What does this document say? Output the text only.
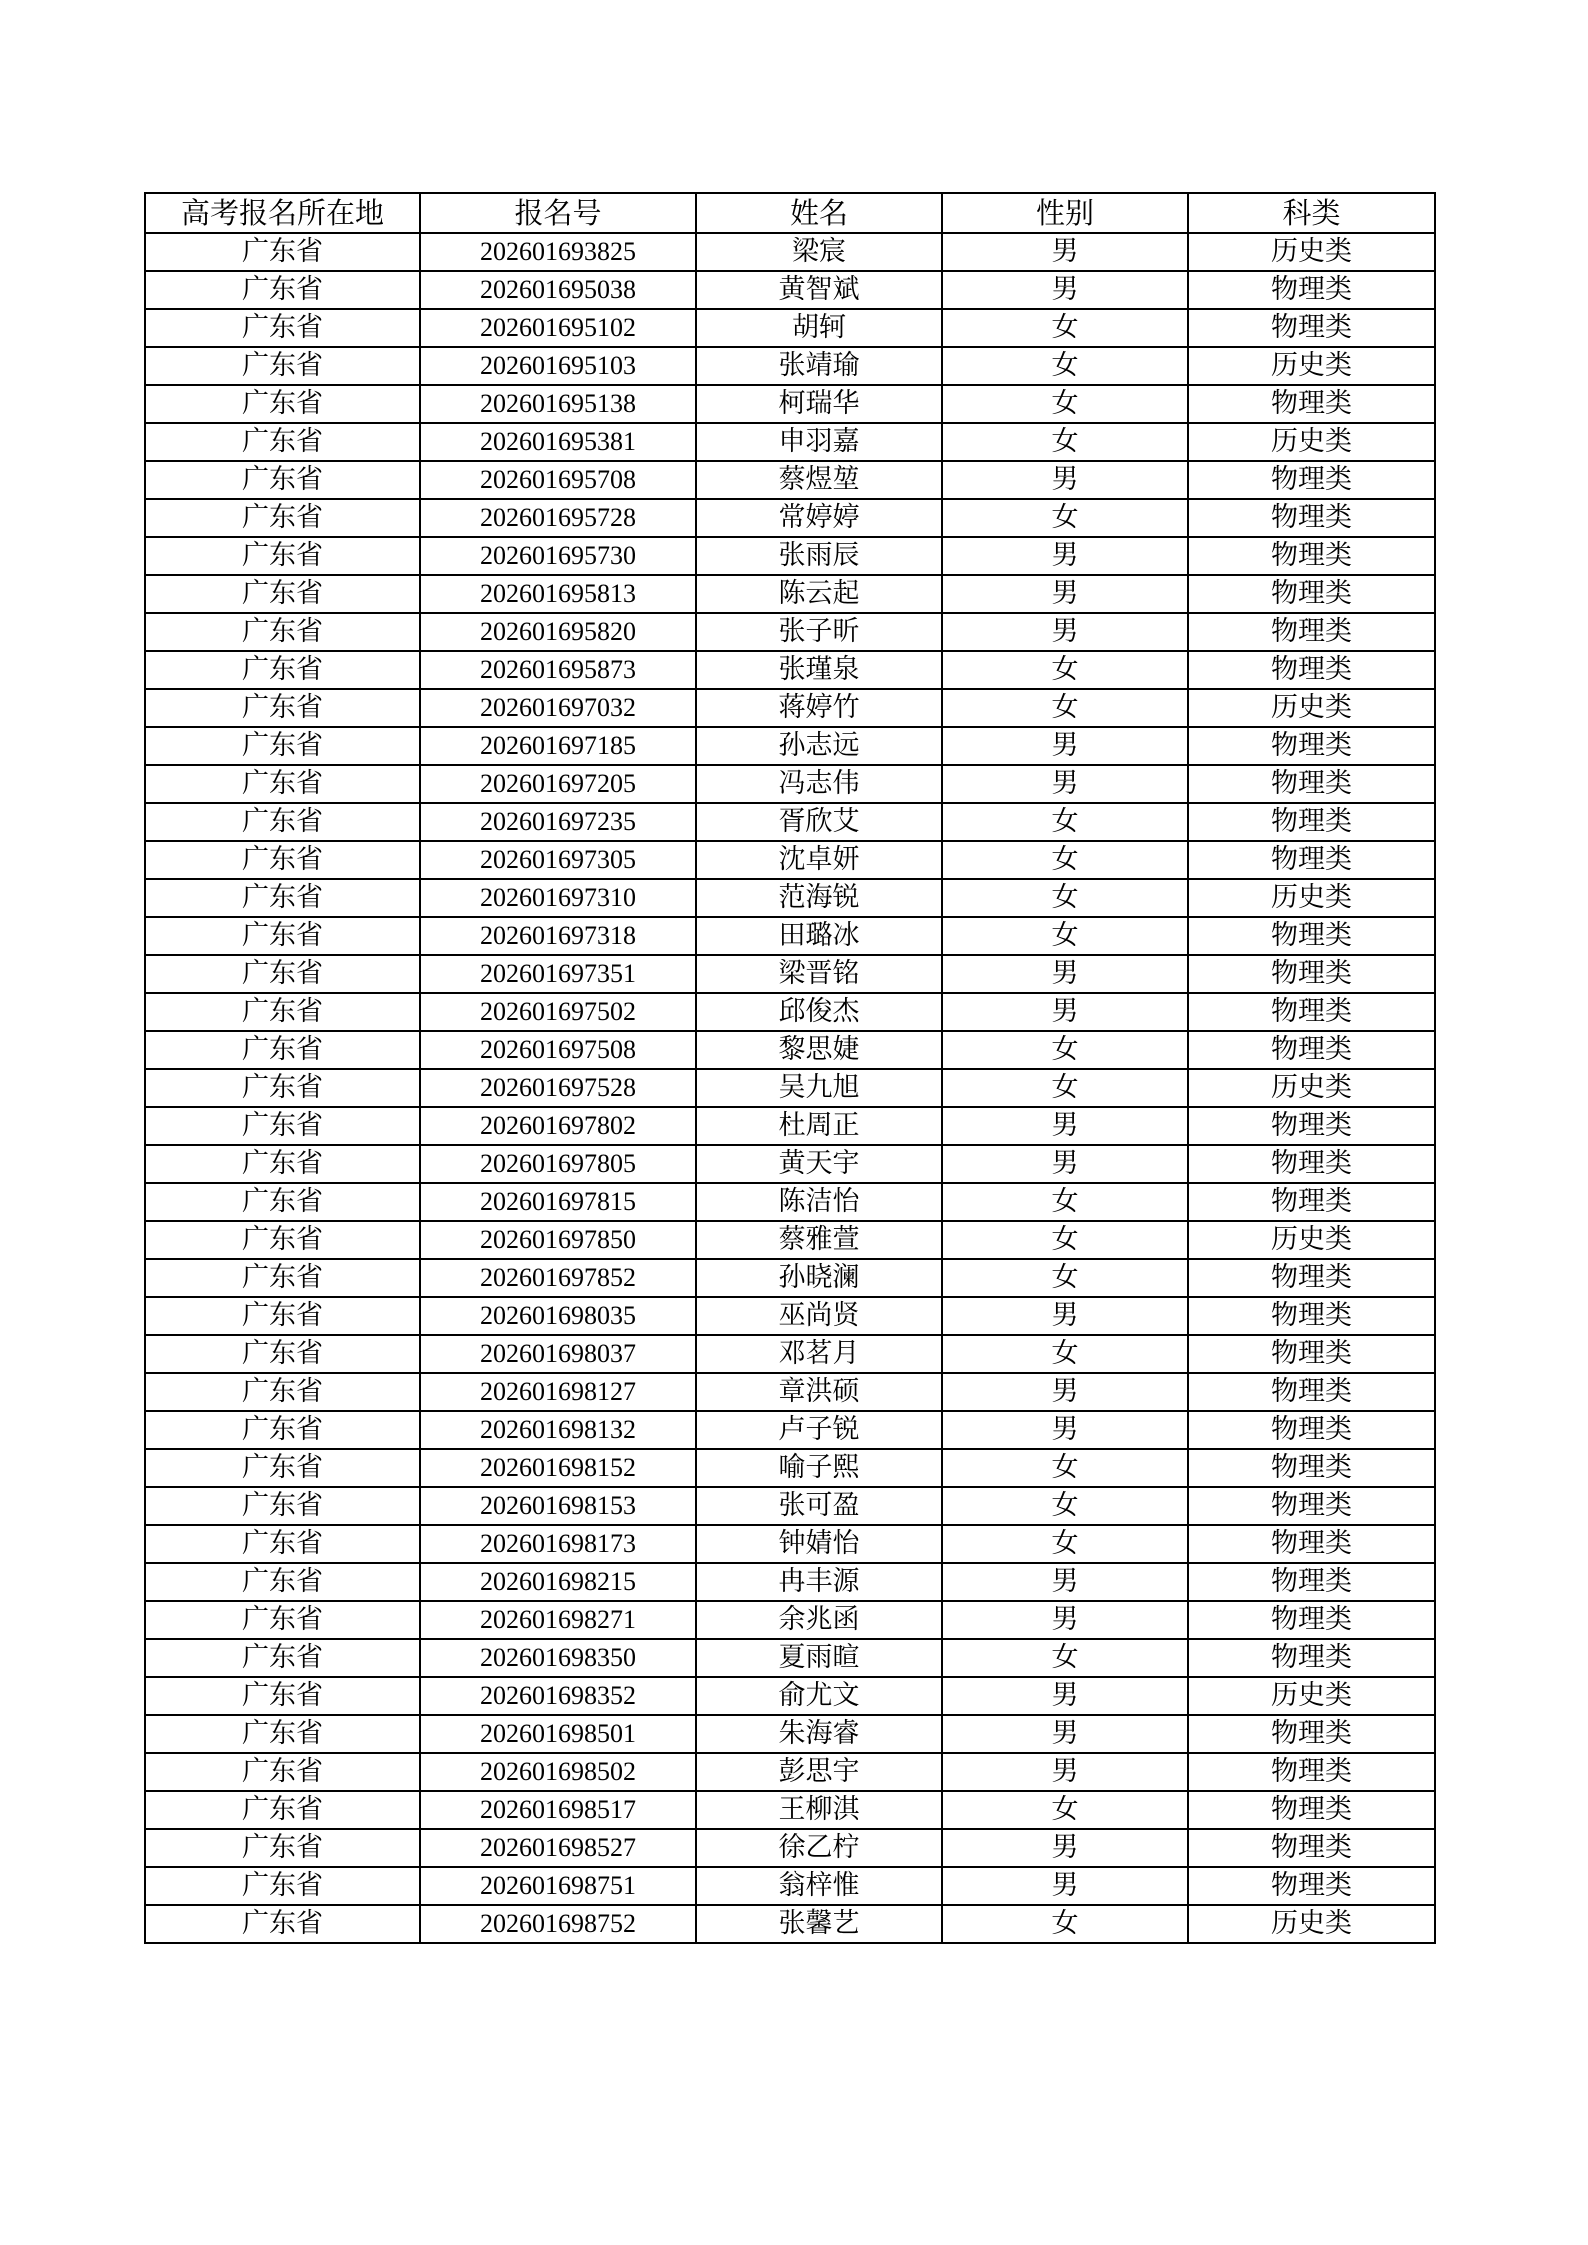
高考报名所在地	报名号	姓名	性别	科类
广东省	202601693825	梁宸	男	历史类
广东省	202601695038	黄智斌	男	物理类
广东省	202601695102	胡轲	女	物理类
广东省	202601695103	张靖瑜	女	历史类
广东省	202601695138	柯瑞华	女	物理类
广东省	202601695381	申羽嘉	女	历史类
广东省	202601695708	蔡煜堃	男	物理类
广东省	202601695728	常婷婷	女	物理类
广东省	202601695730	张雨辰	男	物理类
广东省	202601695813	陈云起	男	物理类
广东省	202601695820	张子昕	男	物理类
广东省	202601695873	张瑾泉	女	物理类
广东省	202601697032	蒋婷竹	女	历史类
广东省	202601697185	孙志远	男	物理类
广东省	202601697205	冯志伟	男	物理类
广东省	202601697235	胥欣艾	女	物理类
广东省	202601697305	沈卓妍	女	物理类
广东省	202601697310	范海锐	女	历史类
广东省	202601697318	田璐冰	女	物理类
广东省	202601697351	梁晋铭	男	物理类
广东省	202601697502	邱俊杰	男	物理类
广东省	202601697508	黎思婕	女	物理类
广东省	202601697528	吴九旭	女	历史类
广东省	202601697802	杜周正	男	物理类
广东省	202601697805	黄天宇	男	物理类
广东省	202601697815	陈洁怡	女	物理类
广东省	202601697850	蔡雅萱	女	历史类
广东省	202601697852	孙晓澜	女	物理类
广东省	202601698035	巫尚贤	男	物理类
广东省	202601698037	邓茗月	女	物理类
广东省	202601698127	章洪硕	男	物理类
广东省	202601698132	卢子锐	男	物理类
广东省	202601698152	喻子熙	女	物理类
广东省	202601698153	张可盈	女	物理类
广东省	202601698173	钟婧怡	女	物理类
广东省	202601698215	冉丰源	男	物理类
广东省	202601698271	余兆函	男	物理类
广东省	202601698350	夏雨暄	女	物理类
广东省	202601698352	俞尤文	男	历史类
广东省	202601698501	朱海睿	男	物理类
广东省	202601698502	彭思宇	男	物理类
广东省	202601698517	王柳淇	女	物理类
广东省	202601698527	徐乙柠	男	物理类
广东省	202601698751	翁梓惟	男	物理类
广东省	202601698752	张馨艺	女	历史类
